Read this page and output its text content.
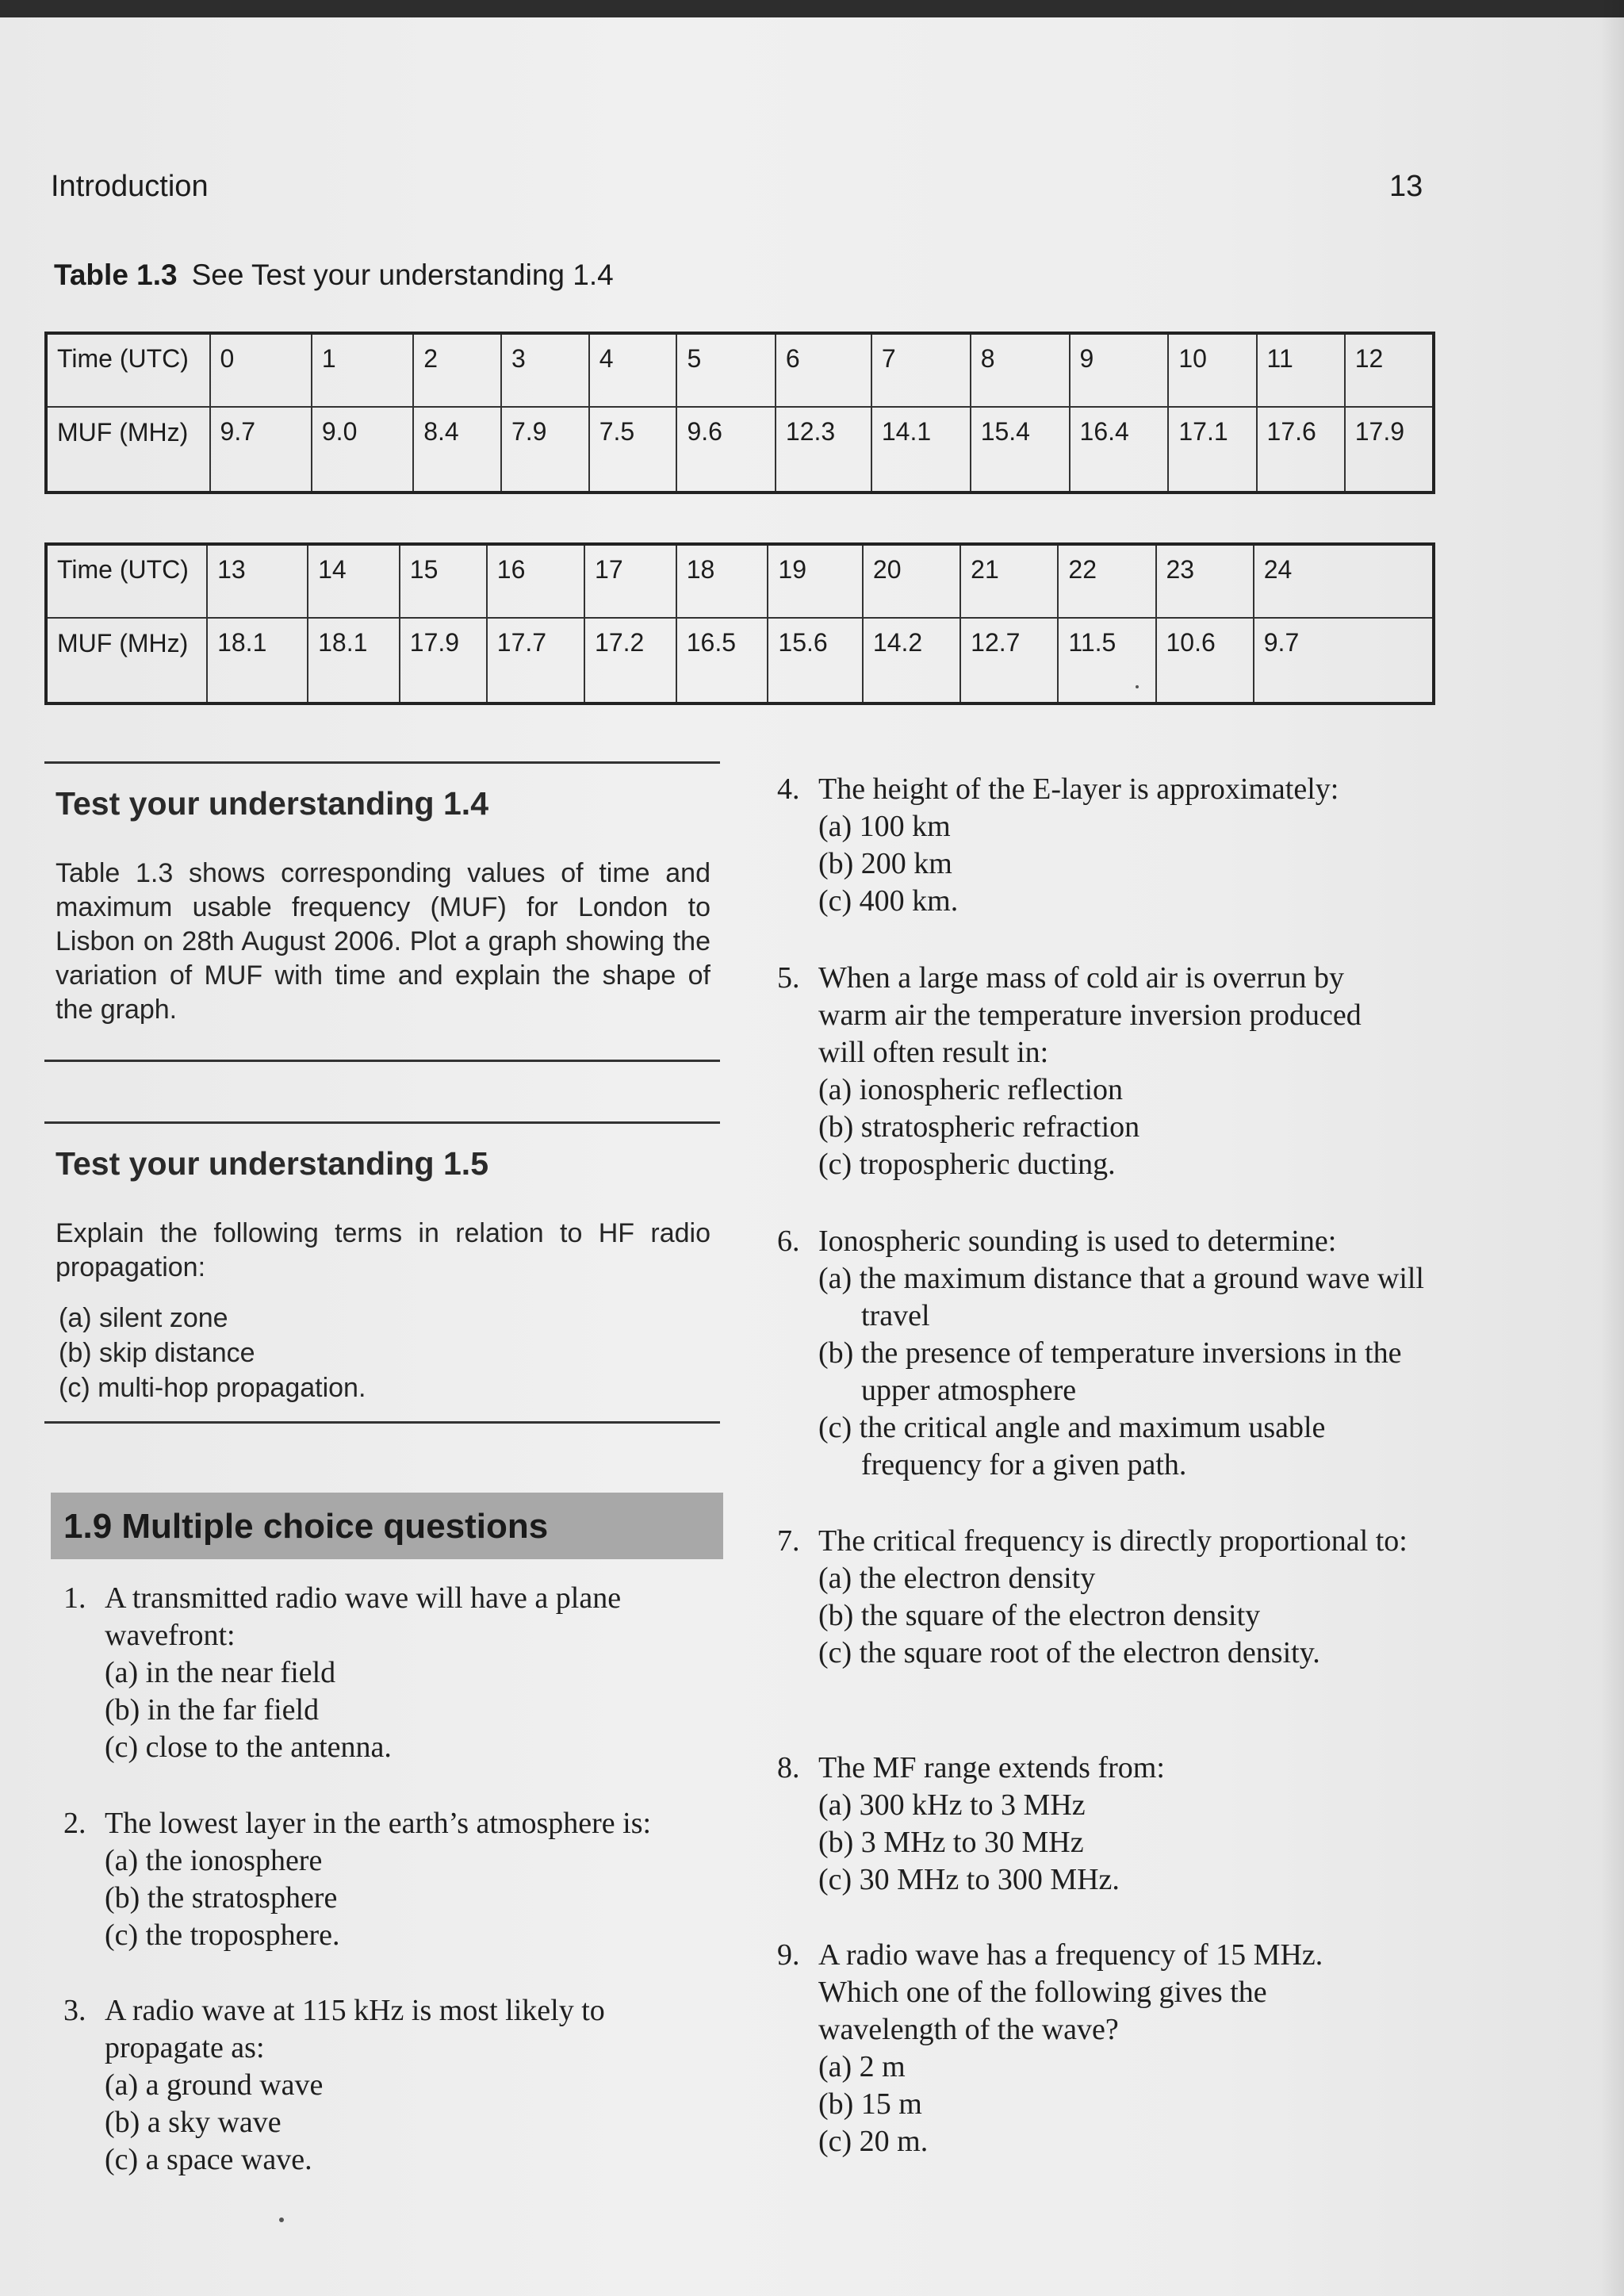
Introduction	13
Table 1.3 See Test your understanding 1.4
Time (UTC)	0	1	2	3	4	5	6	7	8	9	10	11	12
MUF (MHz)	9.7	9.0	8.4	7.9	7.5	9.6	12.3	14.1	15.4	16.4	17.1	17.6	17.9
Time (UTC)	13	14	15	16	17	18	19	20	21	22	23	24
MUF (MHz)	18.1	18.1	17.9	17.7	17.2	16.5	15.6	14.2	12.7	11.5	10.6	9.7
Test your understanding 1.4
Table 1.3 shows corresponding values of time and maximum usable frequency (MUF) for London to Lisbon on 28th August 2006. Plot a graph showing the variation of MUF with time and explain the shape of the graph.
Test your understanding 1.5
Explain the following terms in relation to HF radio propagation:
(a) silent zone
(b) skip distance
(c) multi-hop propagation.
1.9 Multiple choice questions
1. A transmitted radio wave will have a plane wavefront:
(a) in the near field
(b) in the far field
(c) close to the antenna.
2. The lowest layer in the earth’s atmosphere is:
(a) the ionosphere
(b) the stratosphere
(c) the troposphere.
3. A radio wave at 115 kHz is most likely to propagate as:
(a) a ground wave
(b) a sky wave
(c) a space wave.
4. The height of the E-layer is approximately:
(a) 100 km
(b) 200 km
(c) 400 km.
5. When a large mass of cold air is overrun by warm air the temperature inversion produced will often result in:
(a) ionospheric reflection
(b) stratospheric refraction
(c) tropospheric ducting.
6. Ionospheric sounding is used to determine:
(a) the maximum distance that a ground wave will travel
(b) the presence of temperature inversions in the upper atmosphere
(c) the critical angle and maximum usable frequency for a given path.
7. The critical frequency is directly proportional to:
(a) the electron density
(b) the square of the electron density
(c) the square root of the electron density.
8. The MF range extends from:
(a) 300 kHz to 3 MHz
(b) 3 MHz to 30 MHz
(c) 30 MHz to 300 MHz.
9. A radio wave has a frequency of 15 MHz. Which one of the following gives the wavelength of the wave?
(a) 2 m
(b) 15 m
(c) 20 m.
